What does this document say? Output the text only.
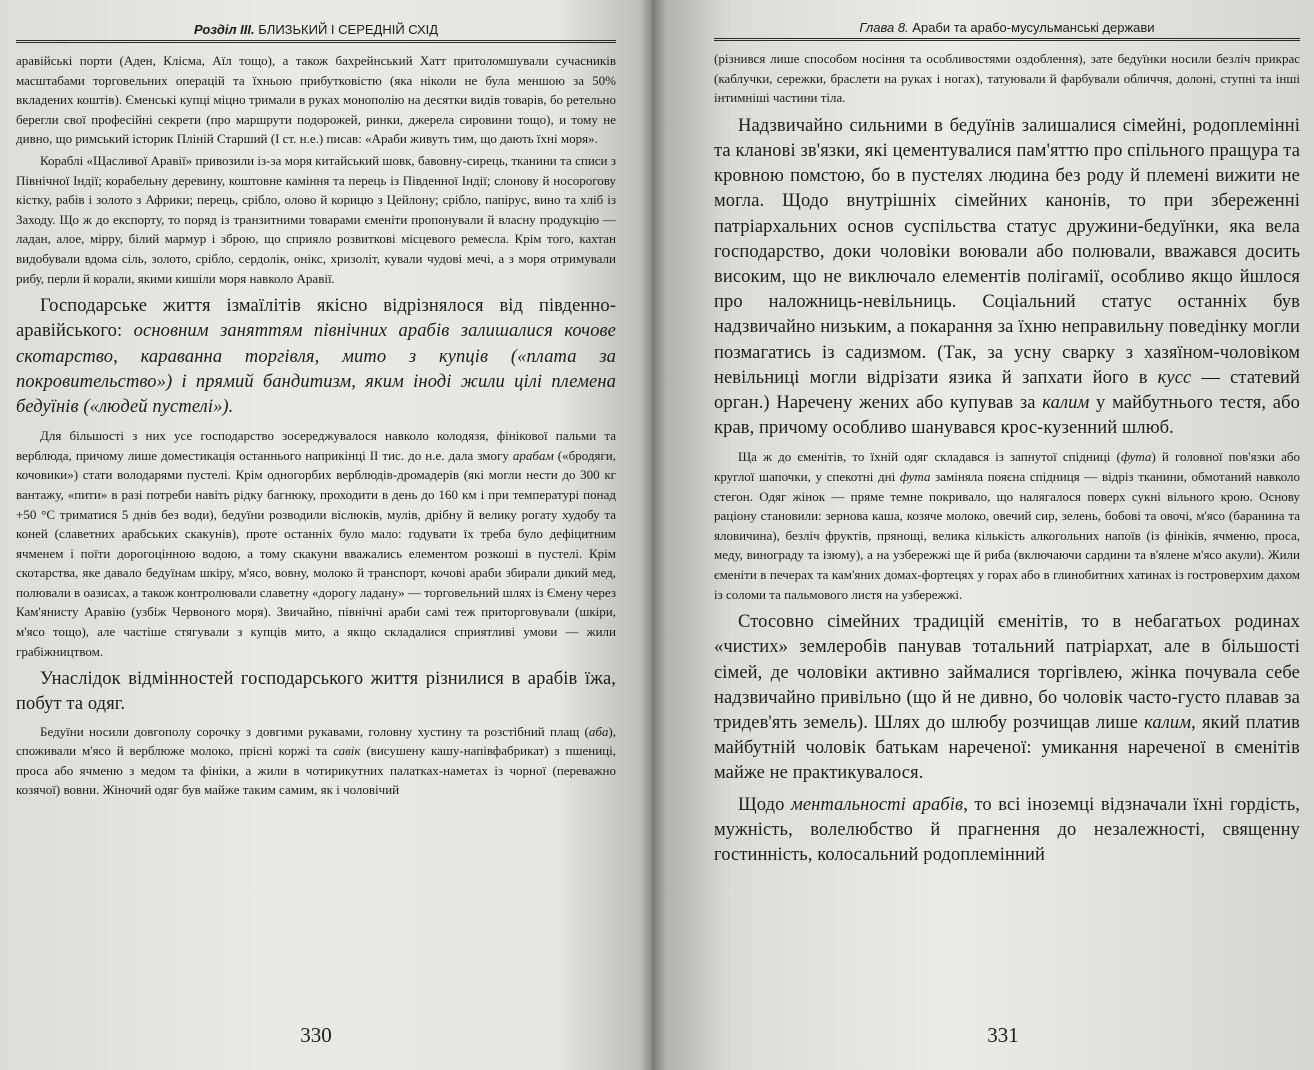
Розділ III. БЛИЗЬКИЙ І СЕРЕДНІЙ СХІД

аравійські порти (Аден, Клісма, Аїл тощо), а також бахрейнський Хатт притоломшували сучасників масштабами торговельних операцій та їхньою прибутковістю (яка ніколи не була меншою за 50% вкладених коштів). Єменські купці міцно тримали в руках монополію на десятки видів товарів, бо ретельно берегли свої професійні секрети (про маршрути подорожей, ринки, джерела сировини тощо), и тому не дивно, що римський історик Пліній Старший (І ст. н.е.) писав: «Араби живуть тим, що дають їхні моря».

Кораблі «Щасливої Аравії» привозили із-за моря китайський шовк, бавовну-сирець, тканини та списи з Північної Індії; корабельну деревину, коштовне каміння та перець із Південної Індії; слонову й носорогову кістку, рабів і золото з Африки; перець, срібло, олово й корицю з Цейлону; срібло, папірус, вино та хліб із Заходу. Що ж до експорту, то поряд із транзитними товарами єменіти пропонували й власну продукцію — ладан, алое, мірру, білий мармур і зброю, що сприяло розвиткові місцевого ремесла. Крім того, кахтан видобували вдома сіль, золото, срібло, сердолік, онікс, хризоліт, кували чудові мечі, а з моря отримували рибу, перли й корали, якими кишіли моря навколо Аравії.

Господарське життя ізмаїлітів якісно відрізнялося від південно-аравійського: основним заняттям північних арабів залишалися кочове скотарство, караванна торгівля, мито з купців («плата за покровительство») і прямий бандитизм, яким іноді жили цілі племена бедуїнів («людей пустелі»).

Для більшості з них усе господарство зосереджувалося навколо колодязя, фінікової пальми та верблюда, причому лише доместикація останнього наприкінці ІІ тис. до н.е. дала змогу арабам («бродяги, кочовики») стати володарями пустелі. Крім одногорбих верблюдів-дромадерів (які могли нести до 300 кг вантажу, «пити» в разі потреби навіть рідку багнюку, проходити в день до 160 км і при температурі понад +50 °С триматися 5 днів без води), бедуїни розводили віслюків, мулів, дрібну й велику рогату худобу та коней (славетних арабських скакунів), проте останніх було мало: годувати їх треба було дефіцитним ячменем і поїти дорогоцінною водою, а тому скакуни вважались елементом розкоші в пустелі. Крім скотарства, яке давало бедуїнам шкіру, м'ясо, вовну, молоко й транспорт, кочові араби збирали дикий мед, полювали в оазисах, а також контролювали славетну «дорогу ладану» — торговельний шлях із Ємену через Кам'янисту Аравію (узбіж Червоного моря). Звичайно, північні араби самі теж приторговували (шкіри, м'ясо тощо), але частіше стягували з купців мито, а якщо складалися сприятливі умови — жили грабіжництвом.

Унаслідок відмінностей господарського життя різнилися в арабів їжа, побут та одяг.

Бедуїни носили довгополу сорочку з довгими рукавами, головну хустину та розстібний плащ (аба), споживали м'ясо й верблюже молоко, прісні коржі та савік (висушену кашу-напівфабрикат) з пшениці, проса або ячменю з медом та фініки, а жили в чотирикутних палатках-наметах із чорної (переважно козячої) вовни. Жіночий одяг був майже таким самим, як і чоловічий

330
Глава 8. Араби та арабо-мусульманські держави

(різнився лише способом носіння та особливостями оздоблення), зате бедуїнки носили безліч прикрас (каблучки, сережки, браслети на руках і ногах), татуювали й фарбували обличчя, долоні, ступні та інші інтимніші частини тіла.

Надзвичайно сильними в бедуїнів залишалися сімейні, родоплемінні та кланові зв'язки, які цементувалися пам'яттю про спільного пращура та кровною помстою, бо в пустелях людина без роду й племені вижити не могла. Щодо внутрішніх сімейних канонів, то при збереженні патріархальних основ суспільства статус дружини-бедуїнки, яка вела господарство, доки чоловіки воювали або полювали, вважався досить високим, що не виключало елементів полігамії, особливо якщо йшлося про наложниць-невільниць. Соціальний статус останніх був надзвичайно низьким, а покарання за їхню неправильну поведінку могли позмагатись із садизмом. (Так, за усну сварку з хазяїном-чоловіком невільниці могли відрізати язика й запхати його в кусс — статевий орган.) Наречену жених або купував за калим у майбутнього тестя, або крав, причому особливо шанувався крос-кузенний шлюб.

Ща ж до єменітів, то їхній одяг складався із запнутої спідниці (фута) й головної пов'язки або круглої шапочки, у спекотні дні фута заміняла пояєна спідниця — відріз тканини, обмотаний навколо стегон. Одяг жінок — пряме темне покривало, що налягалося поверх сукні вільного крою. Основу раціону становили: зернова каша, козяче молоко, овечий сир, зелень, бобові та овочі, м'ясо (баранина та яловичина), безліч фруктів, прянощі, велика кількість алкогольних напоїв (із фініків, ячменю, проса, меду, винограду та ізюму), а на узбережжі ще й риба (включаючи сардини та в'ялене м'ясо акули). Жили єменіти в печерах та кам'яних домах-фортецях у горах або в глинобитних хатинах із гостроверхим дахом із соломи та пальмового листя на узбережжі.

Стосовно сімейних традицій єменітів, то в небагатьох родинах «чистих» землеробів панував тотальний патріархат, але в більшості сімей, де чоловіки активно займалися торгівлею, жінка почувала себе надзвичайно привільно (що й не дивно, бо чоловік часто-густо плавав за тридев'ять земель). Шлях до шлюбу розчищав лише калим, який платив майбутній чоловік батькам нареченої: умикання нареченої в єменітів майже не практикувалося.

Щодо ментальності арабів, то всі іноземці відзначали їхні гордість, мужність, волелюбство й прагнення до незалежності, священну гостинність, колосальний родоплемінний

331
